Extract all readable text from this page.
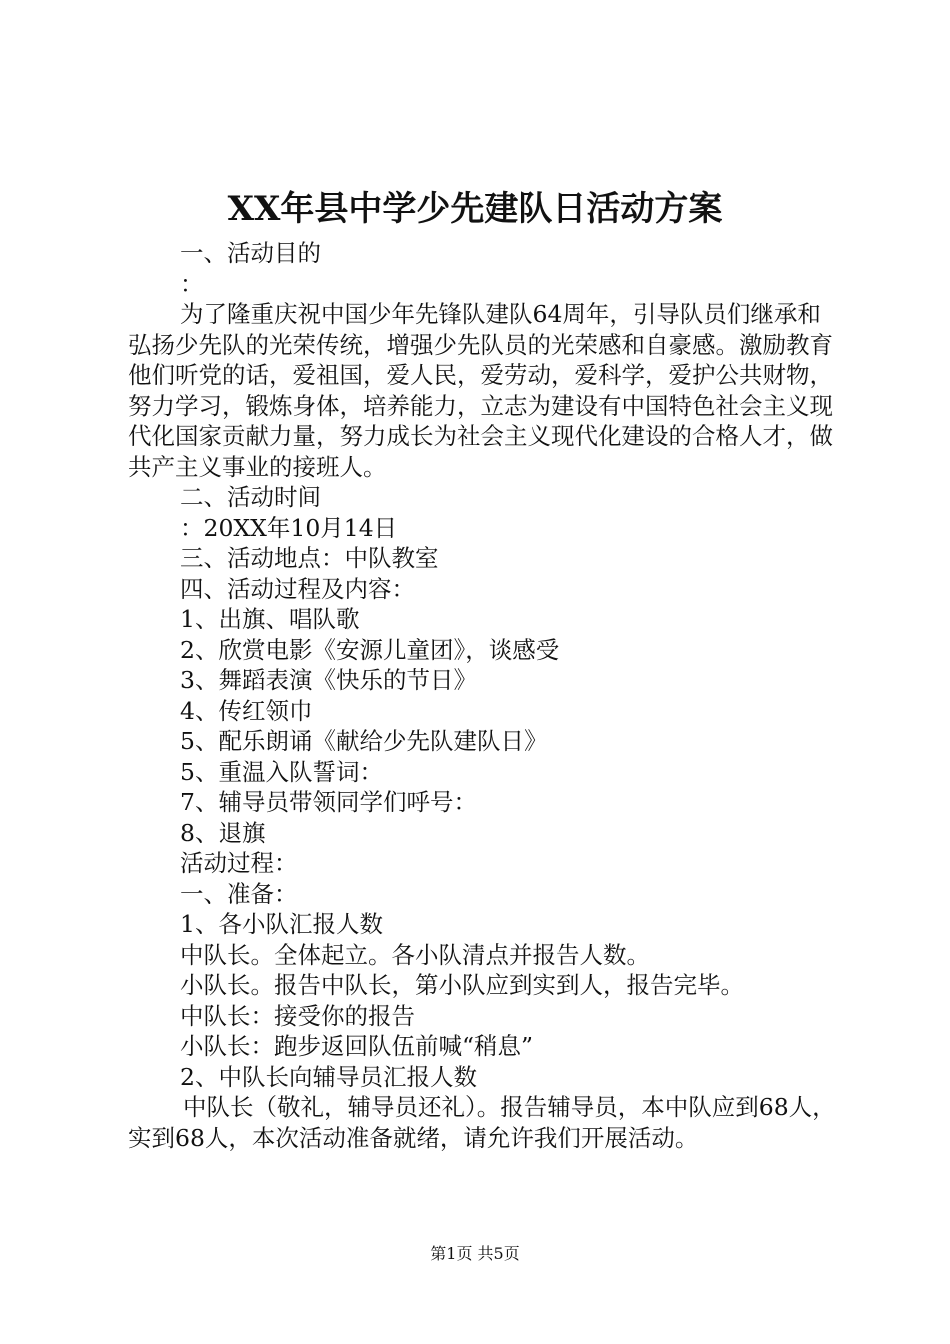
XX年县中学少先建队日活动方案

一、活动目的

：

为了隆重庆祝中国少年先锋队建队64周年，引导队员们继承和弘扬少先队的光荣传统，增强少先队员的光荣感和自豪感。激励教育他们听党的话，爱祖国，爱人民，爱劳动，爱科学，爱护公共财物，努力学习，锻炼身体，培养能力，立志为建设有中国特色社会主义现代化国家贡献力量，努力成长为社会主义现代化建设的合格人才，做共产主义事业的接班人。

二、活动时间

：20XX年10月14日

三、活动地点：中队教室

四、活动过程及内容：

1、出旗、唱队歌

2、欣赏电影《安源儿童团》，谈感受

3、舞蹈表演《快乐的节日》

4、传红领巾

5、配乐朗诵《献给少先队建队日》

5、重温入队誓词：

7、辅导员带领同学们呼号：

8、退旗

活动过程：

一、准备：

1、各小队汇报人数

中队长。全体起立。各小队清点并报告人数。

小队长。报告中队长，第小队应到实到人，报告完毕。

中队长：接受你的报告

小队长：跑步返回队伍前喊“稍息”

2、中队长向辅导员汇报人数

中队长（敬礼，辅导员还礼）。报告辅导员，本中队应到68人，实到68人，本次活动准备就绪，请允许我们开展活动。

第1页 共5页
